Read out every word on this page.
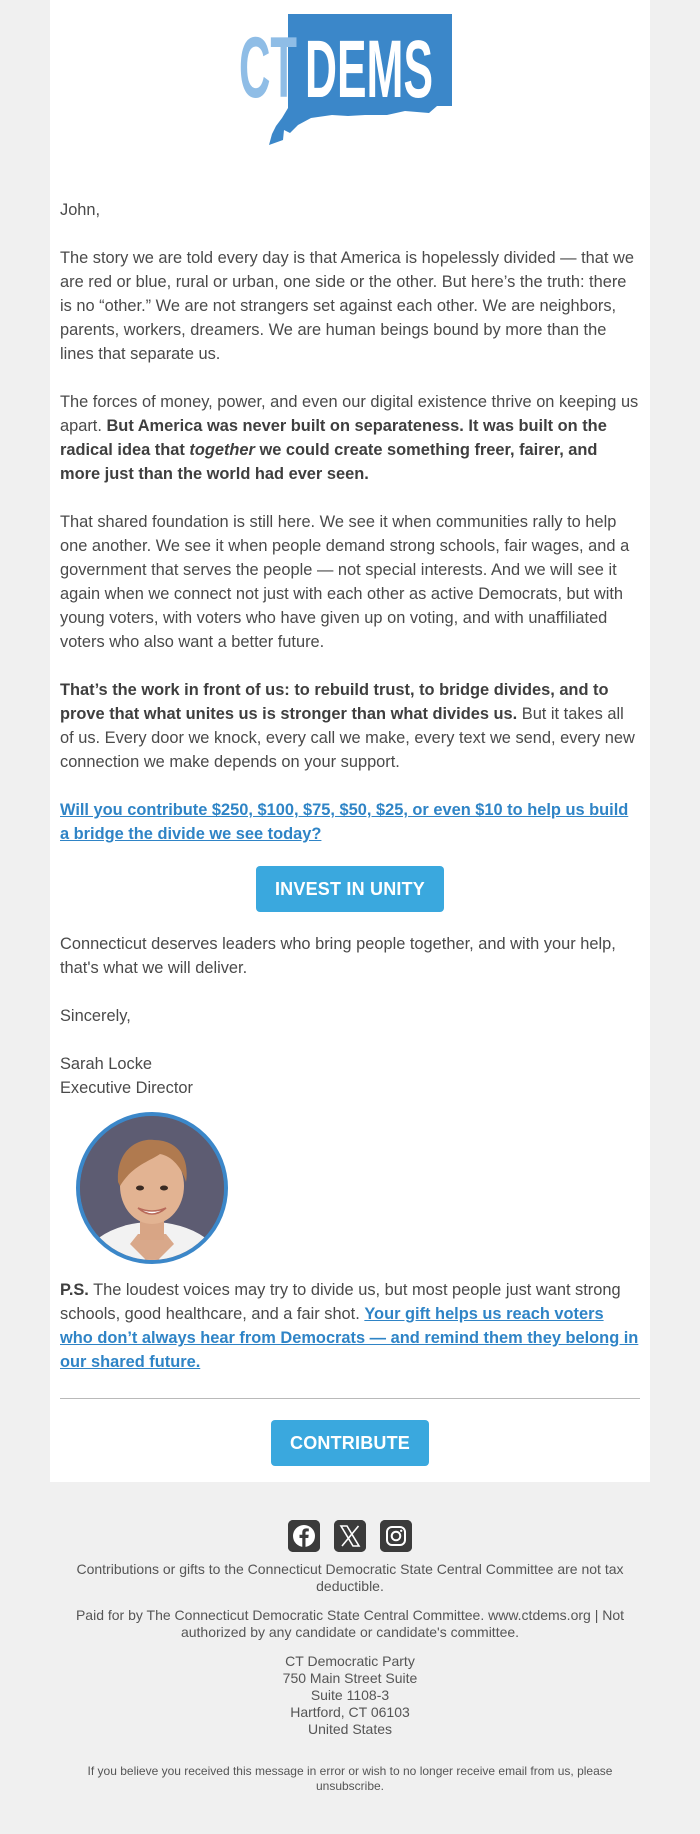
CT DEMS

John,

The story we are told every day is that America is hopelessly divided — that we are red or blue, rural or urban, one side or the other. But here’s the truth: there is no “other.” We are not strangers set against each other. We are neighbors, parents, workers, dreamers. We are human beings bound by more than the lines that separate us.

The forces of money, power, and even our digital existence thrive on keeping us apart. But America was never built on separateness. It was built on the radical idea that together we could create something freer, fairer, and more just than the world had ever seen.

That shared foundation is still here. We see it when communities rally to help one another. We see it when people demand strong schools, fair wages, and a government that serves the people — not special interests. And we will see it again when we connect not just with each other as active Democrats, but with young voters, with voters who have given up on voting, and with unaffiliated voters who also want a better future.

That’s the work in front of us: to rebuild trust, to bridge divides, and to prove that what unites us is stronger than what divides us. But it takes all of us. Every door we knock, every call we make, every text we send, every new connection we make depends on your support.

Will you contribute $250, $100, $75, $50, $25, or even $10 to help us build a bridge the divide we see today?

INVEST IN UNITY

Connecticut deserves leaders who bring people together, and with your help, that's what we will deliver.

Sincerely,

Sarah Locke

Executive Director

P.S. The loudest voices may try to divide us, but most people just want strong schools, good healthcare, and a fair shot. Your gift helps us reach voters who don’t always hear from Democrats — and remind them they belong in our shared future.

CONTRIBUTE

Contributions or gifts to the Connecticut Democratic State Central Committee are not tax deductible.

Paid for by The Connecticut Democratic State Central Committee. www.ctdems.org | Not authorized by any candidate or candidate's committee.

CT Democratic Party
750 Main Street Suite
Suite 1108-3
Hartford, CT 06103
United States

If you believe you received this message in error or wish to no longer receive email from us, please unsubscribe.
